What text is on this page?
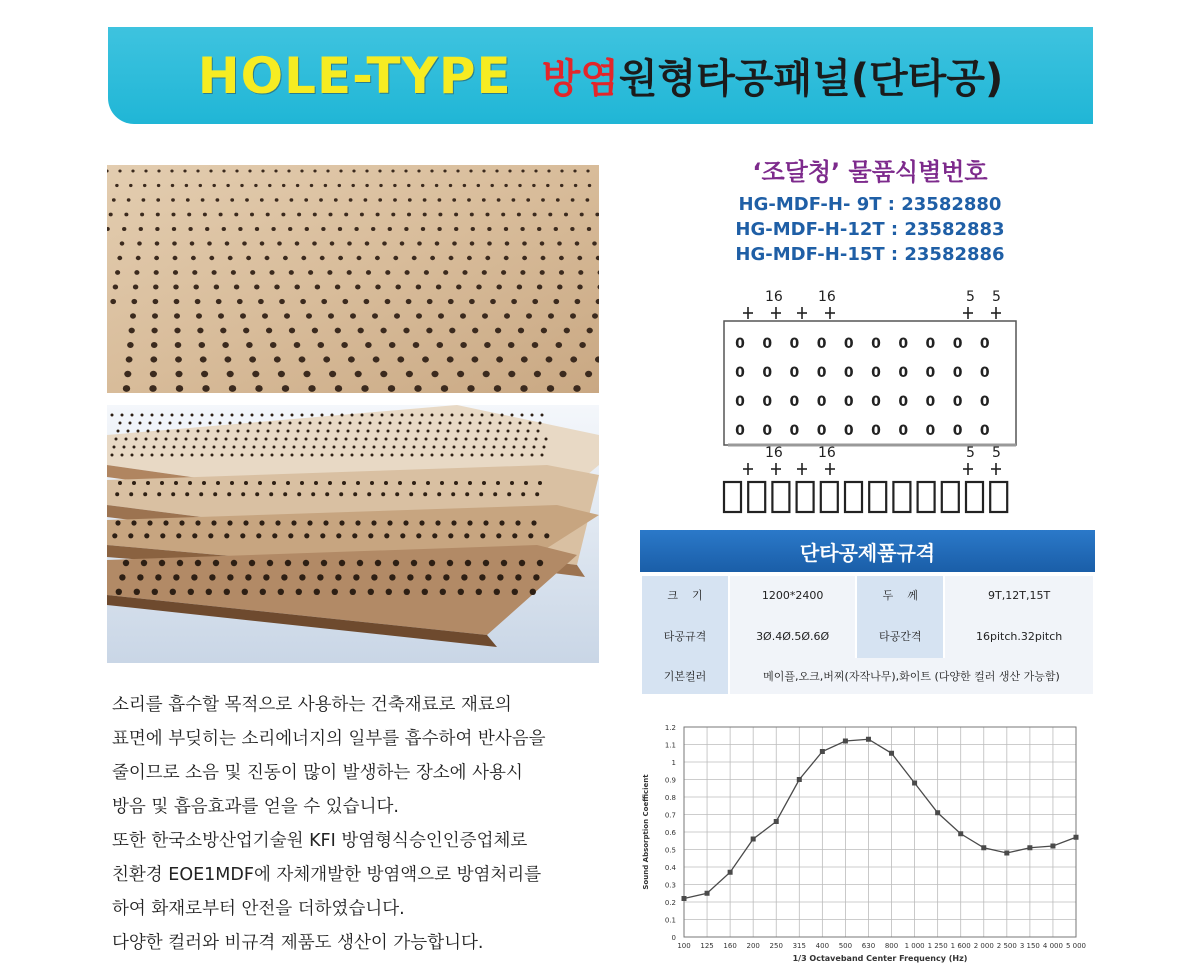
HOLE-TYPE 방염원형타공패널(단타공)

소리를 흡수할 목적으로 사용하는 건축재료로 재료의

표면에 부딪히는 소리에너지의 일부를 흡수하여 반사음을

줄이므로 소음 및 진동이 많이 발생하는 장소에 사용시

방음 및 흡음효과를 얻을 수 있습니다.

또한 한국소방산업기술원 KFI 방염형식승인인증업체로

친환경 EOE1MDF에 자체개발한 방염액으로 방염처리를

하여 화재로부터 안전을 더하였습니다.

다양한 컬러와 비규격 제품도 생산이 가능합니다.

‘조달청’ 물품식별번호
HG-MDF-H- 9T : 23582880
HG-MDF-H-12T : 23582883
HG-MDF-H-15T : 23582886
16	16	5 5
0 0 0 0 0 0 0 0 0 0
0 0 0 0 0 0 0 0 0 0
0 0 0 0 0 0 0 0 0 0
0 0 0 0 0 0 0 0 0 0
16	16	5 5
단타공제품규격
크    기	1200*2400	두    께	9T,12T,15T
타공규격	3Ø.4Ø.5Ø.6Ø	타공간격	16pitch.32pitch
기본컬러	메이플,오크,버찌(자작나무),화이트 (다양한 컬러 생산 가능함)		
0
0.1
0.2
0.3
0.4
0.5
0.6
0.7
0.8
0.9
1
1.1
1.2
100 125 160 200 250 315 400 500 630 800 1 000 1 250 1 600 2 000 2 500 3 150 4 000 5 000
1/3 Octaveband Center Frequency (Hz)
Sound Absorption Coefficient
